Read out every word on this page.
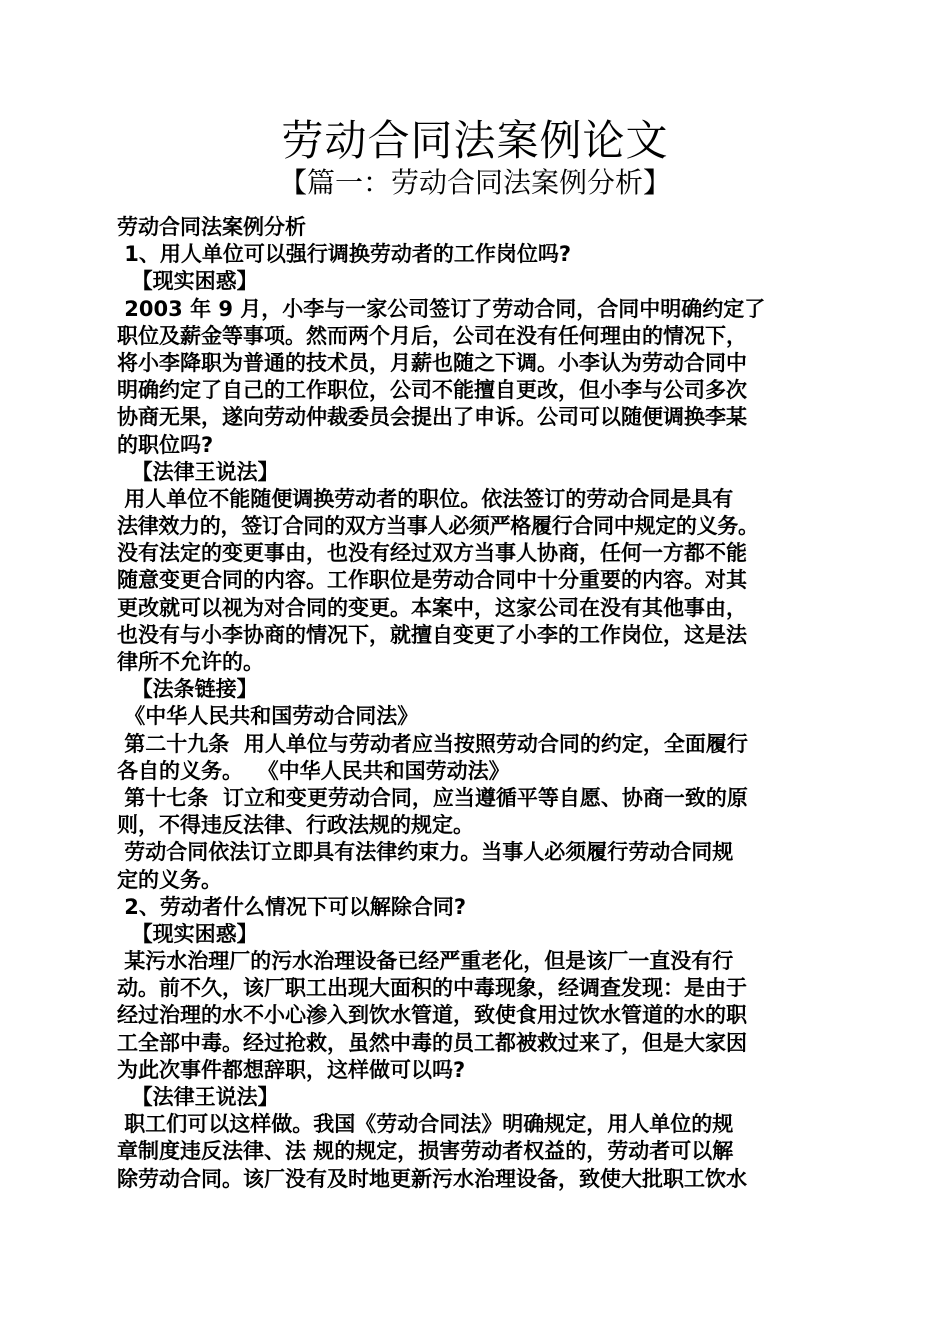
劳动合同法案例论文
【篇一：劳动合同法案例分析】
劳动合同法案例分析
1、用人单位可以强行调换劳动者的工作岗位吗?
【现实困惑】
2003 年 9 月，小李与一家公司签订了劳动合同，合同中明确约定了
职位及薪金等事项。然而两个月后，公司在没有任何理由的情况下，
将小李降职为普通的技术员，月薪也随之下调。小李认为劳动合同中
明确约定了自己的工作职位，公司不能擅自更改，但小李与公司多次
协商无果，遂向劳动仲裁委员会提出了申诉。公司可以随便调换李某
的职位吗?
【法律王说法】
用人单位不能随便调换劳动者的职位。依法签订的劳动合同是具有
法律效力的，签订合同的双方当事人必须严格履行合同中规定的义务。
没有法定的变更事由，也没有经过双方当事人协商，任何一方都不能
随意变更合同的内容。工作职位是劳动合同中十分重要的内容。对其
更改就可以视为对合同的变更。本案中，这家公司在没有其他事由，
也没有与小李协商的情况下，就擅自变更了小李的工作岗位，这是法
律所不允许的。
【法条链接】
《中华人民共和国劳动合同法》
第二十九条  用人单位与劳动者应当按照劳动合同的约定，全面履行
各自的义务。  《中华人民共和国劳动法》
第十七条  订立和变更劳动合同，应当遵循平等自愿、协商一致的原
则，不得违反法律、行政法规的规定。
劳动合同依法订立即具有法律约束力。当事人必须履行劳动合同规
定的义务。
2、劳动者什么情况下可以解除合同?
【现实困惑】
某污水治理厂的污水治理设备已经严重老化，但是该厂一直没有行
动。前不久，该厂职工出现大面积的中毒现象，经调查发现：是由于
经过治理的水不小心渗入到饮水管道，致使食用过饮水管道的水的职
工全部中毒。经过抢救，虽然中毒的员工都被救过来了，但是大家因
为此次事件都想辞职，这样做可以吗?
【法律王说法】
职工们可以这样做。我国《劳动合同法》明确规定，用人单位的规
章制度违反法律、法 规的规定，损害劳动者权益的，劳动者可以解
除劳动合同。该厂没有及时地更新污水治理设备，致使大批职工饮水
